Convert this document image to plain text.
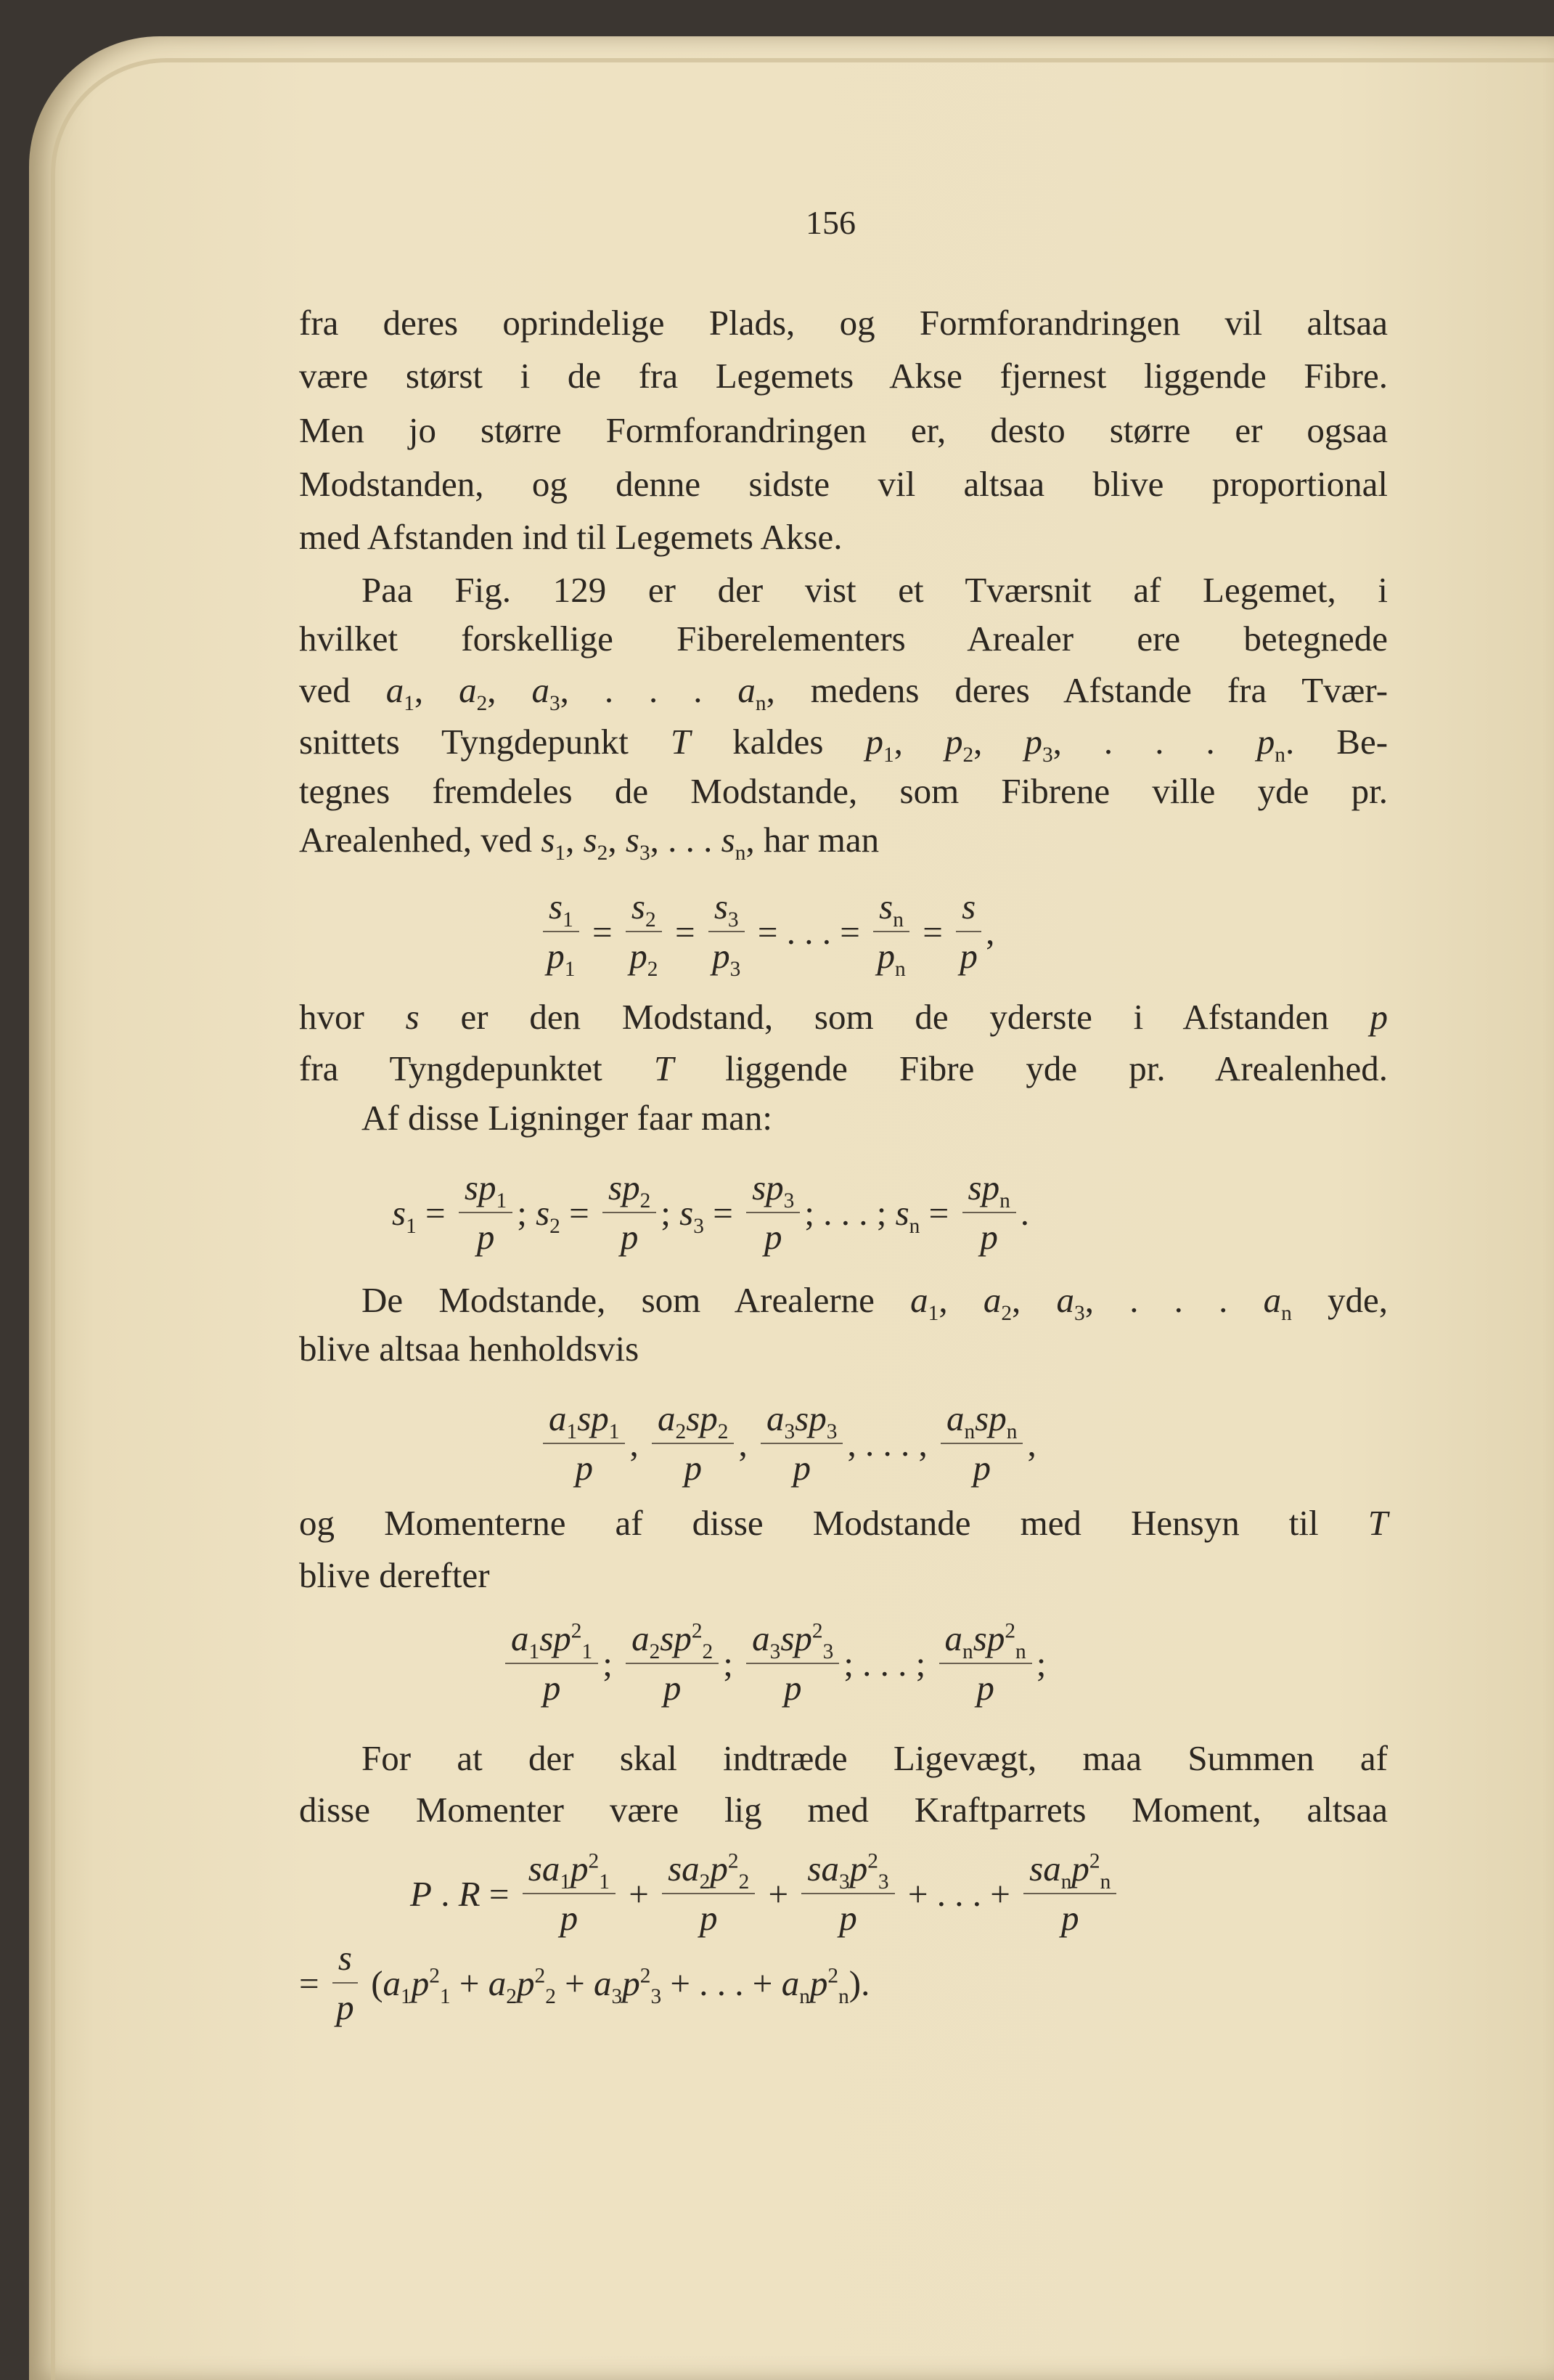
156
fra deres oprindelige Plads, og Formforandringen vil altsaa
være størst i de fra Legemets Akse fjernest liggende Fibre.
Men jo større Formforandringen er, desto større er ogsaa
Modstanden, og denne sidste vil altsaa blive proportional
med Afstanden ind til Legemets Akse.
Paa Fig. 129 er der vist et Tværsnit af Legemet, i
hvilket forskellige Fiberelementers Arealer ere betegnede
ved $a_1$, $a_2$, $a_3$, . . . $a_n$, medens deres Afstande fra Tvær-
snittets Tyngdepunkt T kaldes $p_1$, $p_2$, $p_3$, . . . $p_n$. Be-
tegnes fremdeles de Modstande, som Fibrene ville yde pr.
Arealenhed, ved $s_1$, $s_2$, $s_3$, . . . $s_n$, har man
hvor s er den Modstand, som de yderste i Afstanden p
fra Tyngdepunktet T liggende Fibre yde pr. Arealenhed.
Af disse Ligninger faar man:
De Modstande, som Arealerne $a_1$, $a_2$, $a_3$, . . . $a_n$ yde,
blive altsaa henholdsvis
og Momenterne af disse Modstande med Hensyn til T
blive derefter
For at der skal indtræde Ligevægt, maa Summen af
disse Momenter være lig med Kraftparrets Moment, altsaa
$\frac{s_1}{p_1} = \frac{s_2}{p_2} = \frac{s_3}{p_3}$ = . . . = $\frac{s_n}{p_n} = \frac{s}{p}$ ,
$s_1 = \frac{sp_1}{p}$ ; $s_2 = \frac{sp_2}{p}$ ; $s_3 = \frac{sp_3}{p}$ ; . . . ; $s_n = \frac{sp_n}{p}$ .
$\frac{a_1sp_1}{p}$ , $\frac{a_2sp_2}{p}$ , $\frac{a_3sp_3}{p}$ , . . . , $\frac{a_nsp_n}{p}$ ,
$\frac{a_1sp^2_1}{p}$ ; $\frac{a_2sp^2_2}{p}$ ; $\frac{a_3sp^2_3}{p}$ ; . . . ; $\frac{a_nsp^2_n}{p}$ ;
P . $R = \frac{sa_1p^2_1}{p} + \frac{sa_2p^2_2}{p} + \frac{sa_3p^2_3}{p}$ + . . . + $\frac{sa_np^2_n}{p}$
= $\frac{s}{p}$ ( $a_1$ $p^2_1 + a_2$ $p^2_2 + a_3$ $p^2_3$ + . . . + $a_n$ $p^2_n$ ).
